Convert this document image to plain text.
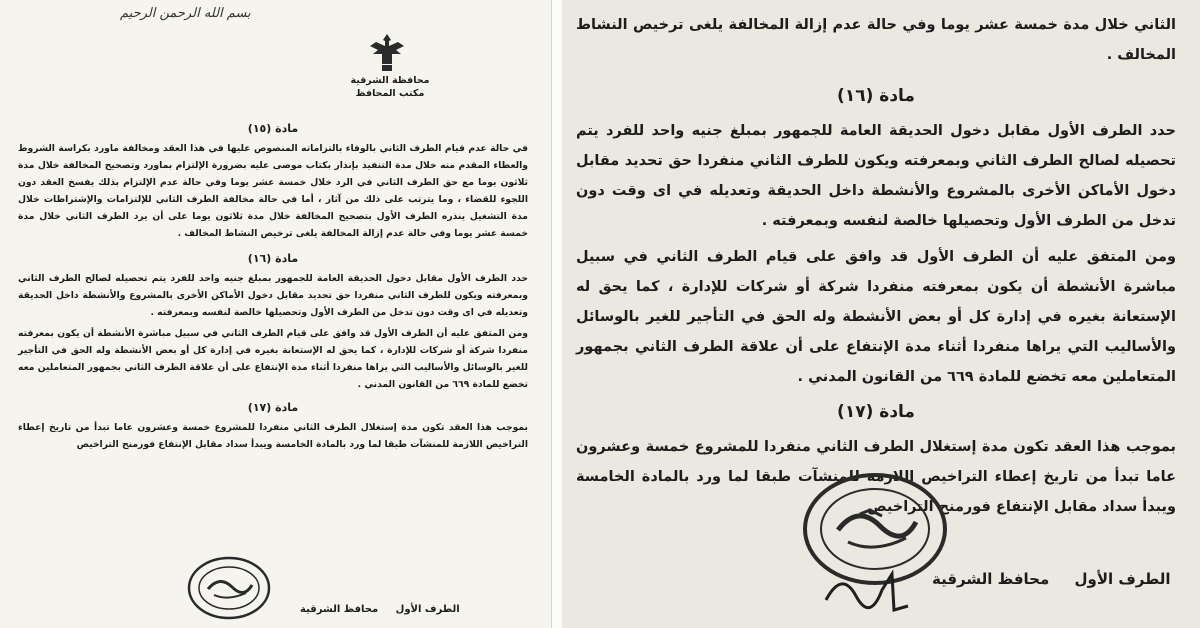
بسم الله الرحمن الرحيم
محافظة الشرقية
مكتب المحافظ

مادة (١٥)

في حالة عدم قيام الطرف الثاني بالوفاء بالتزاماته المنصوص عليها في هذا العقد ومخالفة ماورد بكراسة الشروط والعطاء المقدم منه خلال مدة التنفيذ بإنذار بكتاب موصى عليه بضرورة الإلتزام بماورد وتصحيح المخالفة خلال مدة ثلاثون يوما مع حق الطرف الثاني في الرد خلال خمسة عشر يوما وفي حالة عدم الإلتزام بذلك يفسخ العقد دون اللجوء للقضاء ، وما يترتب على ذلك من آثار ، أما في حالة مخالفة الطرف الثاني للإلتزامات والإشتراطات خلال مدة التشغيل ينذره الطرف الأول بتصحيح المخالفة خلال مدة ثلاثون يوما على أن يرد الطرف الثاني خلال مدة خمسة عشر يوما وفي حالة عدم إزالة المخالفة يلغى ترخيص النشاط المخالف .

مادة (١٦)

حدد الطرف الأول مقابل دخول الحديقة العامة للجمهور بمبلغ جنيه واحد للفرد يتم تحصيله لصالح الطرف الثاني وبمعرفته ويكون للطرف الثاني منفردا حق تحديد مقابل دخول الأماكن الأخرى بالمشروع والأنشطة داخل الحديقة وتعديله في اى وقت دون تدخل من الطرف الأول وتحصيلها خالصة لنفسه وبمعرفته .

ومن المتفق عليه أن الطرف الأول قد وافق على قيام الطرف الثاني في سبيل مباشرة الأنشطة أن يكون بمعرفته منفردا شركة أو شركات للإدارة ، كما يحق له الإستعانة بغيره في إدارة كل أو بعض الأنشطة وله الحق في التأجير للغير بالوسائل والأساليب التي يراها منفردا أثناء مدة الإنتفاع على أن علاقة الطرف الثاني بجمهور المتعاملين معه تخضع للمادة ٦٦٩ من القانون المدني .

مادة (١٧)

بموجب هذا العقد تكون مدة إستغلال الطرف الثاني منفردا للمشروع خمسة وعشرون عاما تبدأ من تاريخ إعطاء التراخيص اللازمة للمنشآت طبقا لما ورد بالمادة الخامسة ويبدأ سداد مقابل الإنتفاع فورمنح التراخيص

الطرف الأول محافظ الشرقية

الثاني خلال مدة خمسة عشر يوما وفي حالة عدم إزالة المخالفة يلغى ترخيص النشاط المخالف .

مادة (١٦)

حدد الطرف الأول مقابل دخول الحديقة العامة للجمهور بمبلغ جنيه واحد للفرد يتم تحصيله لصالح الطرف الثاني وبمعرفته ويكون للطرف الثاني منفردا حق تحديد مقابل دخول الأماكن الأخرى بالمشروع والأنشطة داخل الحديقة وتعديله في اى وقت دون تدخل من الطرف الأول وتحصيلها خالصة لنفسه وبمعرفته .

ومن المتفق عليه أن الطرف الأول قد وافق على قيام الطرف الثاني في سبيل مباشرة الأنشطة أن يكون بمعرفته منفردا شركة أو شركات للإدارة ، كما يحق له الإستعانة بغيره في إدارة كل أو بعض الأنشطة وله الحق في التأجير للغير بالوسائل والأساليب التي يراها منفردا أثناء مدة الإنتفاع على أن علاقة الطرف الثاني بجمهور المتعاملين معه تخضع للمادة ٦٦٩ من القانون المدني .

مادة (١٧)

بموجب هذا العقد تكون مدة إستغلال الطرف الثاني منفردا للمشروع خمسة وعشرون عاما تبدأ من تاريخ إعطاء التراخيص اللازمة للمنشآت طبقا لما ورد بالمادة الخامسة ويبدأ سداد مقابل الإنتفاع فورمنح التراخيص

الطرف الأول محافظ الشرقية
